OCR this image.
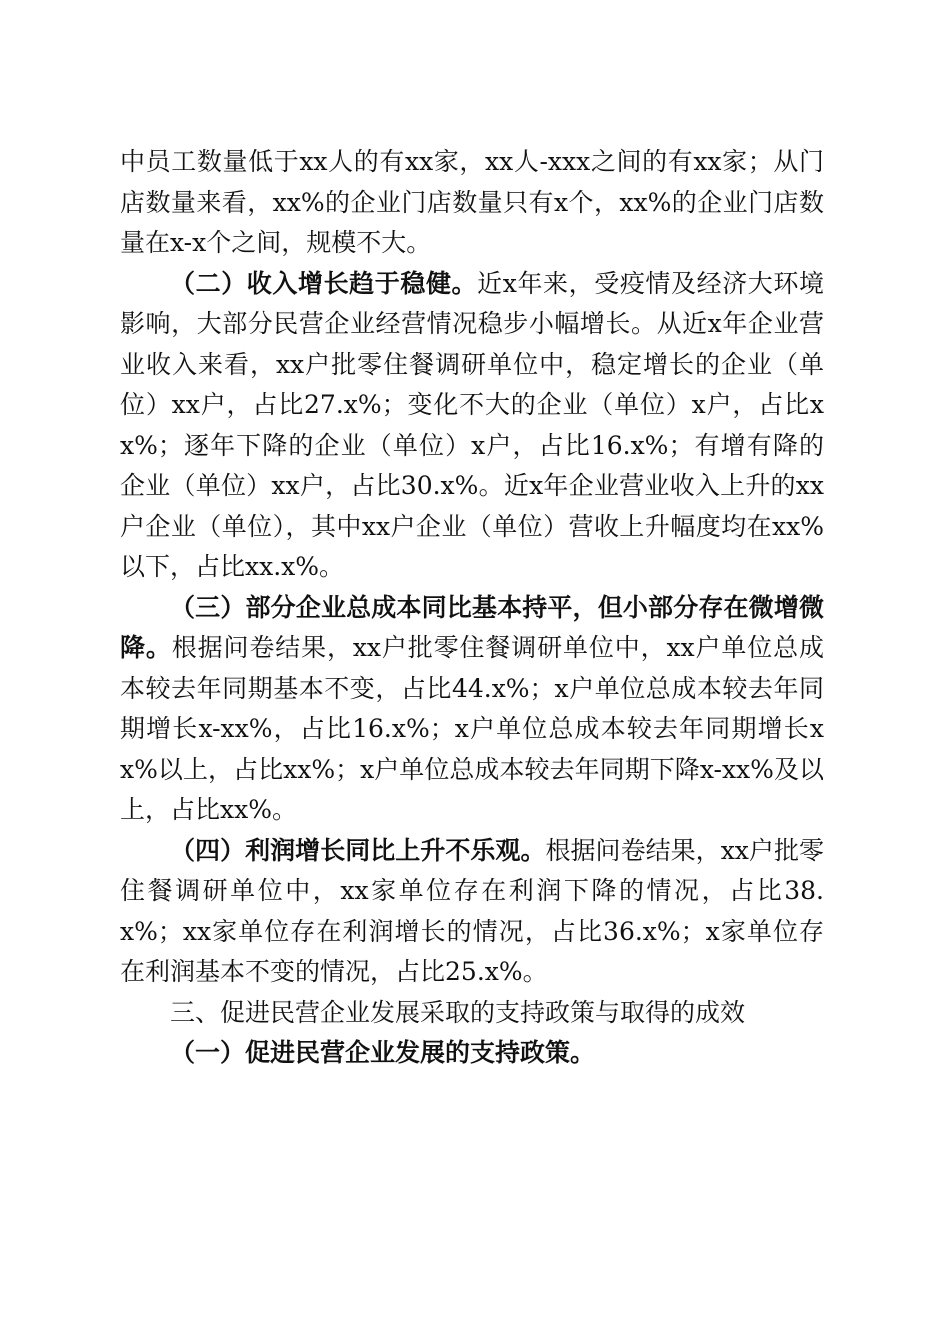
中员工数量低于xx人的有xx家，xx人-xxx之间的有xx家；从门店数量来看，xx%的企业门店数量只有x个，xx%的企业门店数量在x-x个之间，规模不大。

（二）收入增长趋于稳健。近x年来，受疫情及经济大环境影响，大部分民营企业经营情况稳步小幅增长。从近x年企业营业收入来看，xx户批零住餐调研单位中，稳定增长的企业（单位）xx户，占比27.x%；变化不大的企业（单位）x户，占比xx%；逐年下降的企业（单位）x户，占比16.x%；有增有降的企业（单位）xx户，占比30.x%。近x年企业营业收入上升的xx户企业（单位），其中xx户企业（单位）营收上升幅度均在xx%以下，占比xx.x%。

（三）部分企业总成本同比基本持平，但小部分存在微增微降。根据问卷结果，xx户批零住餐调研单位中，xx户单位总成本较去年同期基本不变，占比44.x%；x户单位总成本较去年同期增长x-xx%，占比16.x%；x户单位总成本较去年同期增长xx%以上，占比xx%；x户单位总成本较去年同期下降x-xx%及以上，占比xx%。

（四）利润增长同比上升不乐观。根据问卷结果，xx户批零住餐调研单位中，xx家单位存在利润下降的情况，占比38.x%；xx家单位存在利润增长的情况，占比36.x%；x家单位存在利润基本不变的情况，占比25.x%。

三、促进民营企业发展采取的支持政策与取得的成效

（一）促进民营企业发展的支持政策。
